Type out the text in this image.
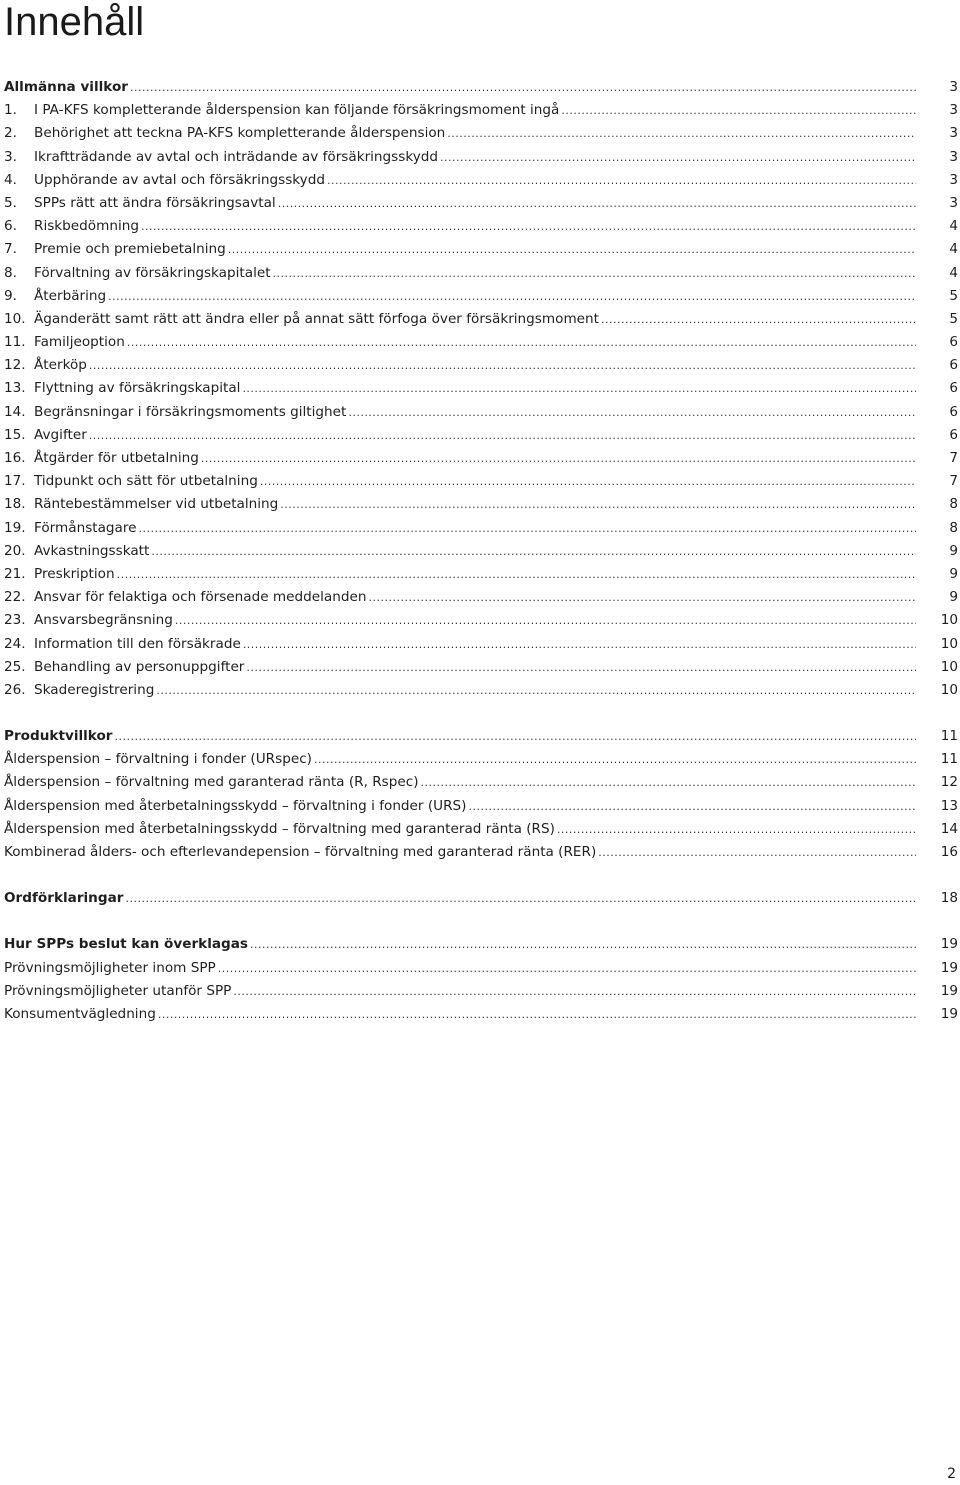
Innehåll
Allmänna villkor .....	3
1. I PA-KFS kompletterande ålderspension kan följande försäkringsmoment ingå .....	3
2. Behörighet att teckna PA-KFS kompletterande ålderspension .....	3
3. Ikraftträdande av avtal och inträdande av försäkringsskydd .....	3
4. Upphörande av avtal och försäkringsskydd .....	3
5. SPPs rätt att ändra försäkringsavtal .....	3
6. Riskbedömning .....	4
7. Premie och premiebetalning .....	4
8. Förvaltning av försäkringskapitalet .....	4
9. Återbäring .....	5
10. Äganderätt samt rätt att ändra eller på annat sätt förfoga över försäkringsmoment .....	5
11. Familjeoption .....	6
12. Återköp .....	6
13. Flyttning av försäkringskapital .....	6
14. Begränsningar i försäkringsmoments giltighet .....	6
15. Avgifter .....	6
16. Åtgärder för utbetalning .....	7
17. Tidpunkt och sätt för utbetalning .....	7
18. Räntebestämmelser vid utbetalning .....	8
19. Förmånstagare .....	8
20. Avkastningsskatt .....	9
21. Preskription .....	9
22. Ansvar för felaktiga och försenade meddelanden .....	9
23. Ansvarsbegränsning .....	10
24. Information till den försäkrade .....	10
25. Behandling av personuppgifter .....	10
26. Skaderegistrering .....	10
Produktvillkor .....	11
Ålderspension – förvaltning i fonder (URspec) .....	11
Ålderspension – förvaltning med garanterad ränta (R, Rspec) .....	12
Ålderspension med återbetalningsskydd – förvaltning i fonder (URS) .....	13
Ålderspension med återbetalningsskydd – förvaltning med garanterad ränta (RS) .....	14
Kombinerad ålders- och efterlevandepension – förvaltning med garanterad ränta (RER) .....	16
Ordförklaringar .....	18
Hur SPPs beslut kan överklagas .....	19
Prövningsmöjligheter inom SPP .....	19
Prövningsmöjligheter utanför SPP .....	19
Konsumentvägledning .....	19
2
